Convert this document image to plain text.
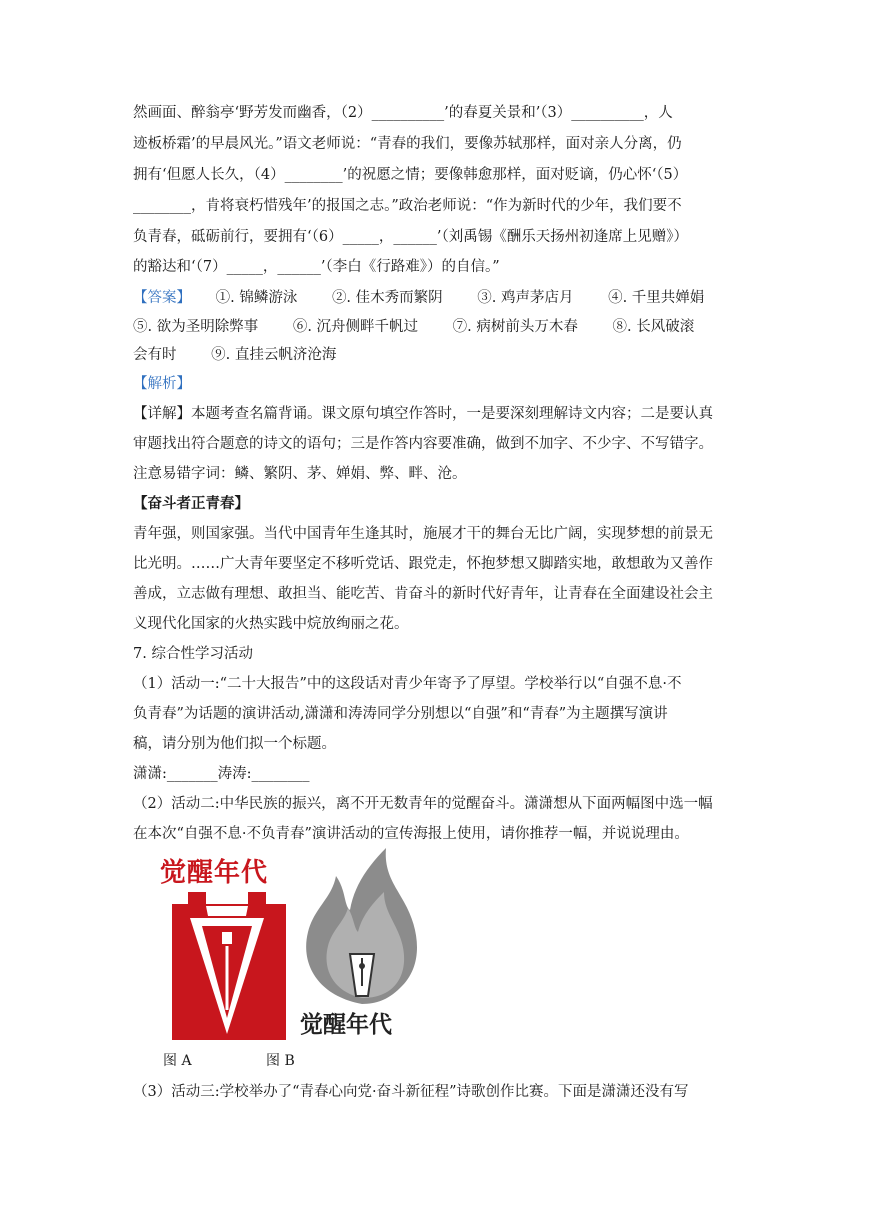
然画面、醉翁亭‘野芳发而幽香，（2）__________’的春夏关景和’（3）__________，人
迹板桥霜’的早晨风光。”语文老师说：“青春的我们，要像苏轼那样，面对亲人分离，仍
拥有‘但愿人长久，（4）________’的祝愿之情；要像韩愈那样，面对贬谪，仍心怀‘（5）
________，肯将衰朽惜残年’的报国之志。”政治老师说：“作为新时代的少年，我们要不
负青春，砥砺前行，要拥有‘（6）_____，______’（刘禹锡《酬乐天扬州初逢席上见赠》）
的豁达和‘（7）_____，______’（李白《行路难》）的自信。”
【答案】 ①. 锦鳞游泳 ②. 佳木秀而繁阴 ③. 鸡声茅店月 ④. 千里共婵娟
⑤. 欲为圣明除弊事 ⑥. 沉舟侧畔千帆过 ⑦. 病树前头万木春 ⑧. 长风破滚
会有时 ⑨. 直挂云帆济沧海
【解析】
【详解】本题考查名篇背诵。课文原句填空作答时，一是要深刻理解诗文内容；二是要认真
审题找出符合题意的诗文的语句；三是作答内容要准确，做到不加字、不少字、不写错字。
注意易错字词：鳞、繁阴、茅、婵娟、弊、畔、沧。
【奋斗者正青春】
青年强，则国家强。当代中国青年生逢其时，施展才干的舞台无比广阔，实现梦想的前景无
比光明。……广大青年要坚定不移听党话、跟党走，怀抱梦想又脚踏实地，敢想敢为又善作
善成，立志做有理想、敢担当、能吃苦、肯奋斗的新时代好青年，让青春在全面建设社会主
义现代化国家的火热实践中烷放绚丽之花。
7. 综合性学习活动
（1）活动一:“二十大报告”中的这段话对青少年寄予了厚望。学校举行以“自强不息·不
负青春”为话题的演讲活动,潇潇和涛涛同学分别想以“自强”和“青春”为主题撰写演讲
稿，请分别为他们拟一个标题。
潇潇:_______涛涛:________
（2）活动二:中华民族的振兴，离不开无数青年的觉醒奋斗。潇潇想从下面两幅图中选一幅
在本次“自强不息·不负青春”演讲活动的宣传海报上使用，请你推荐一幅，并说说理由。
觉醒年代
觉醒年代
图 A	图 B
（3）活动三:学校举办了“青春心向党·奋斗新征程”诗歌创作比赛。下面是潇潇还没有写
